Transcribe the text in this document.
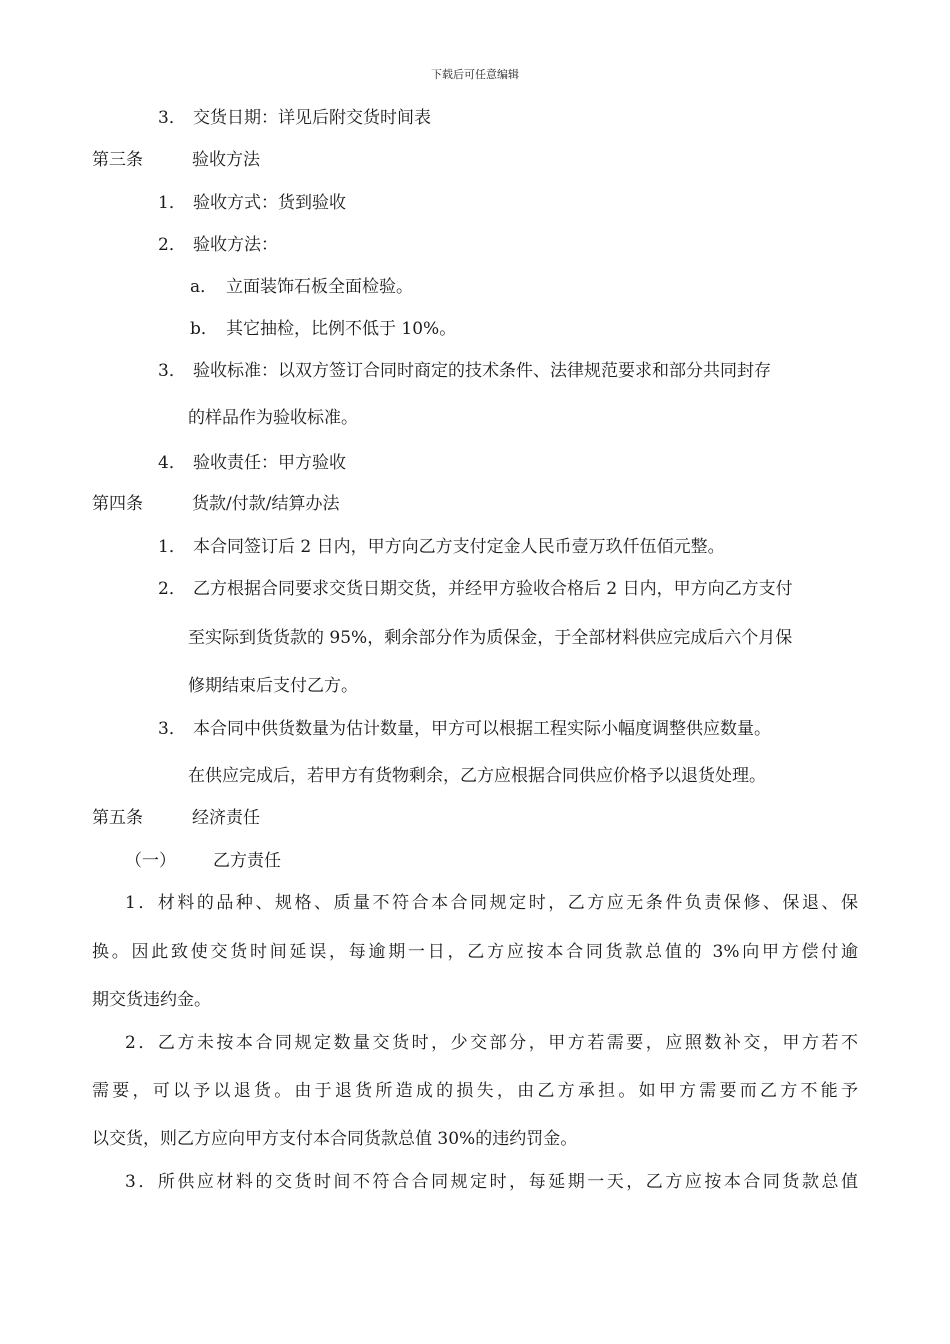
下载后可任意编辑
3． 交货日期：详见后附交货时间表
第三条	验收方法
1． 验收方式：货到验收
2． 验收方法：
a． 立面装饰石板全面检验。
b． 其它抽检，比例不低于 10%。
3． 验收标准：以双方签订合同时商定的技术条件、法律规范要求和部分共同封存
的样品作为验收标准。
4． 验收责任：甲方验收
第四条	货款/付款/结算办法
1． 本合同签订后 2 日内，甲方向乙方支付定金人民币壹万玖仟伍佰元整。
2． 乙方根据合同要求交货日期交货，并经甲方验收合格后 2 日内，甲方向乙方支付
至实际到货货款的 95%，剩余部分作为质保金，于全部材料供应完成后六个月保
修期结束后支付乙方。
3． 本合同中供货数量为估计数量，甲方可以根据工程实际小幅度调整供应数量。
在供应完成后，若甲方有货物剩余，乙方应根据合同供应价格予以退货处理。
第五条	经济责任
（一） 乙方责任
1．材料的品种、规格、质量不符合本合同规定时，乙方应无条件负责保修、保退、保
换。因此致使交货时间延误，每逾期一日，乙方应按本合同货款总值的 3%向甲方偿付逾
期交货违约金。
2．乙方未按本合同规定数量交货时，少交部分，甲方若需要，应照数补交，甲方若不
需要，可以予以退货。由于退货所造成的损失，由乙方承担。如甲方需要而乙方不能予
以交货，则乙方应向甲方支付本合同货款总值 30%的违约罚金。
3．所供应材料的交货时间不符合合同规定时，每延期一天，乙方应按本合同货款总值
